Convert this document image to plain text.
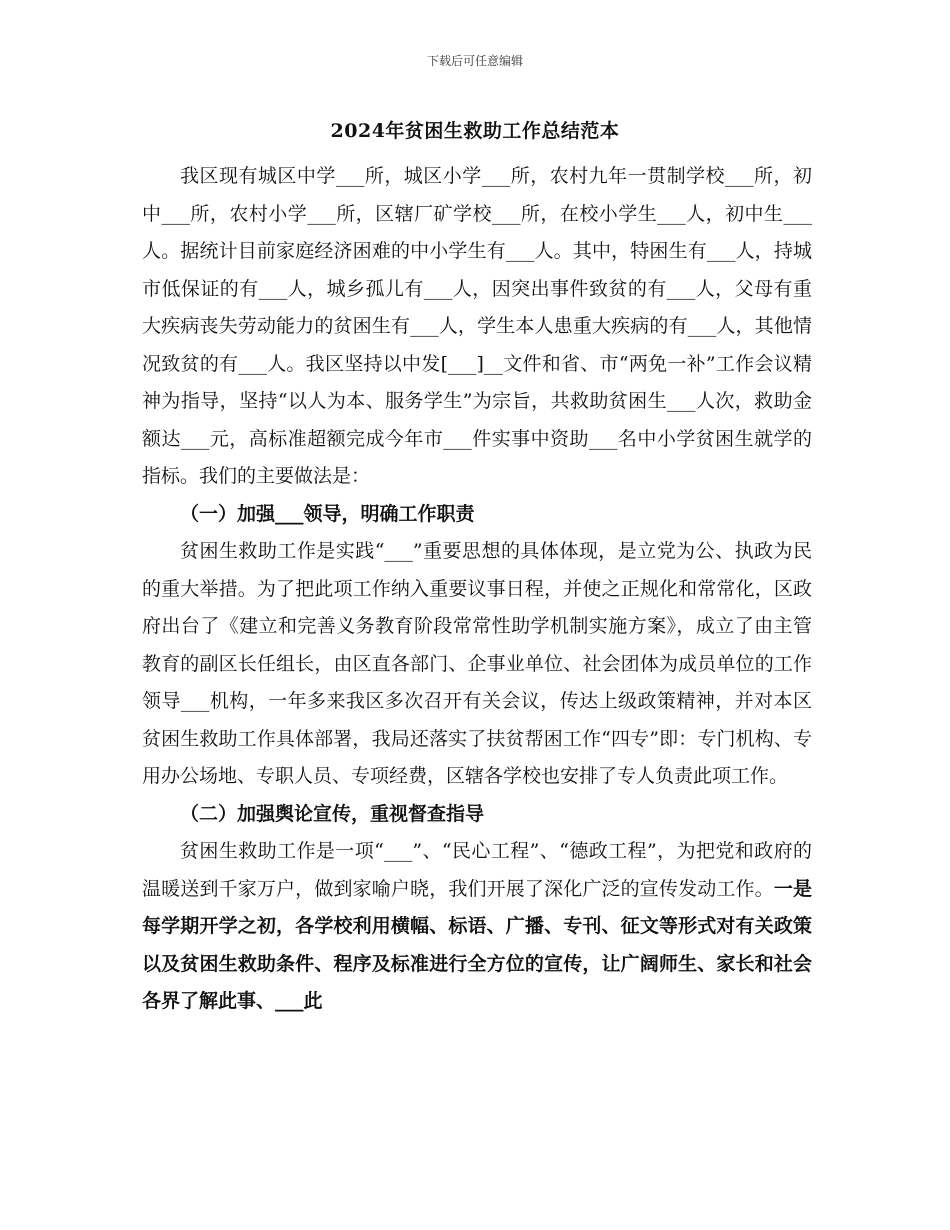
下载后可任意编辑
2024年贫困生救助工作总结范本

我区现有城区中学___所，城区小学___所，农村九年一贯制学校___所，初中___所，农村小学___所，区辖厂矿学校___所，在校小学生___人，初中生___人。据统计目前家庭经济困难的中小学生有___人。其中，特困生有___人，持城市低保证的有___人，城乡孤儿有___人，因突出事件致贫的有___人，父母有重大疾病丧失劳动能力的贫困生有___人，学生本人患重大疾病的有___人，其他情况致贫的有___人。我区坚持以中发[___]__文件和省、市“两免一补”工作会议精神为指导，坚持“以人为本、服务学生”为宗旨，共救助贫困生___人次，救助金额达___元，高标准超额完成今年市___件实事中资助___名中小学贫困生就学的指标。我们的主要做法是：

（一）加强___领导，明确工作职责

贫困生救助工作是实践“___”重要思想的具体体现，是立党为公、执政为民的重大举措。为了把此项工作纳入重要议事日程，并使之正规化和常常化，区政府出台了《建立和完善义务教育阶段常常性助学机制实施方案》，成立了由主管教育的副区长任组长，由区直各部门、企事业单位、社会团体为成员单位的工作领导___机构，一年多来我区多次召开有关会议，传达上级政策精神，并对本区贫困生救助工作具体部署，我局还落实了扶贫帮困工作“四专”即：专门机构、专用办公场地、专职人员、专项经费，区辖各学校也安排了专人负责此项工作。

（二）加强舆论宣传，重视督查指导

贫困生救助工作是一项“___”、“民心工程”、“德政工程”，为把党和政府的温暖送到千家万户，做到家喻户晓，我们开展了深化广泛的宣传发动工作。一是每学期开学之初，各学校利用横幅、标语、广播、专刊、征文等形式对有关政策以及贫困生救助条件、程序及标准进行全方位的宣传，让广阔师生、家长和社会各界了解此事、___此
